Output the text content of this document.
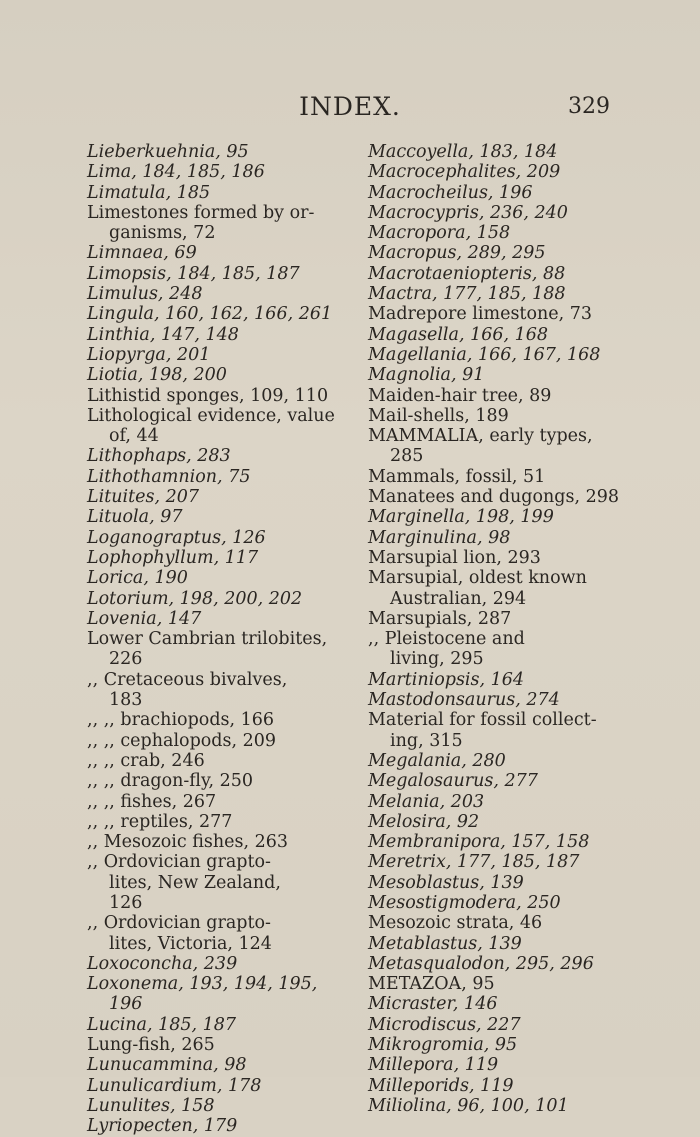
INDEX.	329

Lieberkuehnia, 95

Lima, 184, 185, 186

Limatula, 185

Limestones formed by or-
ganisms, 72

Limnaea, 69

Limopsis, 184, 185, 187

Limulus, 248

Lingula, 160, 162, 166, 261

Linthia, 147, 148

Liopyrga, 201

Liotia, 198, 200

Lithistid sponges, 109, 110

Lithological evidence, value
of, 44

Lithophaps, 283

Lithothamnion, 75

Lituites, 207

Lituola, 97

Loganograptus, 126

Lophophyllum, 117

Lorica, 190

Lotorium, 198, 200, 202

Lovenia, 147

Lower Cambrian trilobites,
226

,, Cretaceous bivalves,
183

,, ,, brachiopods, 166

,, ,, cephalopods, 209

,, ,, crab, 246

,, ,, dragon-fly, 250

,, ,, fishes, 267

,, ,, reptiles, 277

,, Mesozoic fishes, 263

,, Ordovician grapto-
lites, New Zealand,
126

,, Ordovician grapto-
lites, Victoria, 124

Loxoconcha, 239

Loxonema, 193, 194, 195,
196

Lucina, 185, 187

Lung-fish, 265

Lunucammina, 98

Lunulicardium, 178

Lunulites, 158

Lyriopecten, 179

Maccoyella, 183, 184

Macrocephalites, 209

Macrocheilus, 196

Macrocypris, 236, 240

Macropora, 158

Macropus, 289, 295

Macrotaeniopteris, 88

Mactra, 177, 185, 188

Madrepore limestone, 73

Magasella, 166, 168

Magellania, 166, 167, 168

Magnolia, 91

Maiden-hair tree, 89

Mail-shells, 189

MAMMALIA, early types,
285

Mammals, fossil, 51

Manatees and dugongs, 298

Marginella, 198, 199

Marginulina, 98

Marsupial lion, 293

Marsupial, oldest known
Australian, 294

Marsupials, 287

,, Pleistocene and
living, 295

Martiniopsis, 164

Mastodonsaurus, 274

Material for fossil collect-
ing, 315

Megalania, 280

Megalosaurus, 277

Melania, 203

Melosira, 92

Membranipora, 157, 158

Meretrix, 177, 185, 187

Mesoblastus, 139

Mesostigmodera, 250

Mesozoic strata, 46

Metablastus, 139

Metasqualodon, 295, 296

METAZOA, 95

Micraster, 146

Microdiscus, 227

Mikrogromia, 95

Millepora, 119

Milleporids, 119

Miliolina, 96, 100, 101
